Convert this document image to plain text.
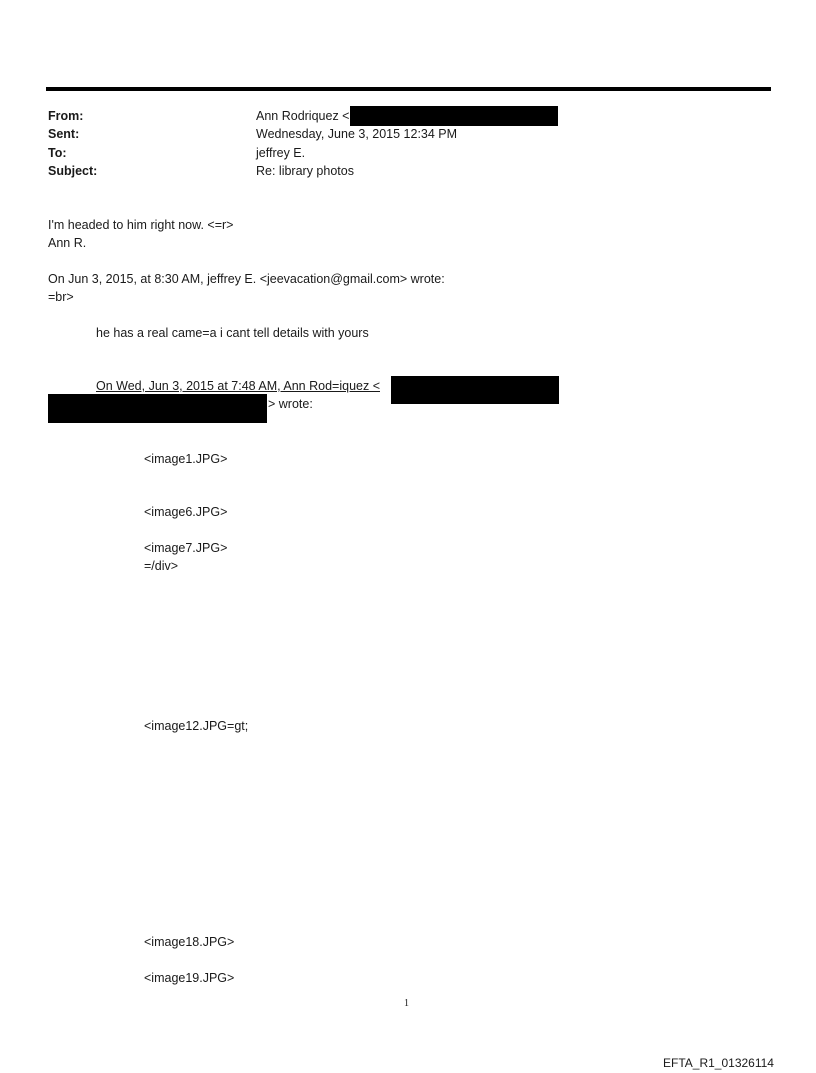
From:	Ann Rodriquez <
Sent:	Wednesday, June 3, 2015 12:34 PM
To:	jeffrey E.
Subject:	Re: library photos
I'm headed to him right now. <=r>
Ann R.
On Jun 3, 2015, at 8:30 AM, jeffrey E. <jeevacation@gmail.com> wrote:
=br>
he has a real came=a i cant tell details with yours
On Wed, Jun 3, 2015 at 7:48 AM, Ann Rod=iquez <
> wrote:
<image1.JPG>
<image6.JPG>
<image7.JPG>
=/div>
<image12.JPG=gt;
<image18.JPG>
<image19.JPG>
1
EFTA_R1_01326114
